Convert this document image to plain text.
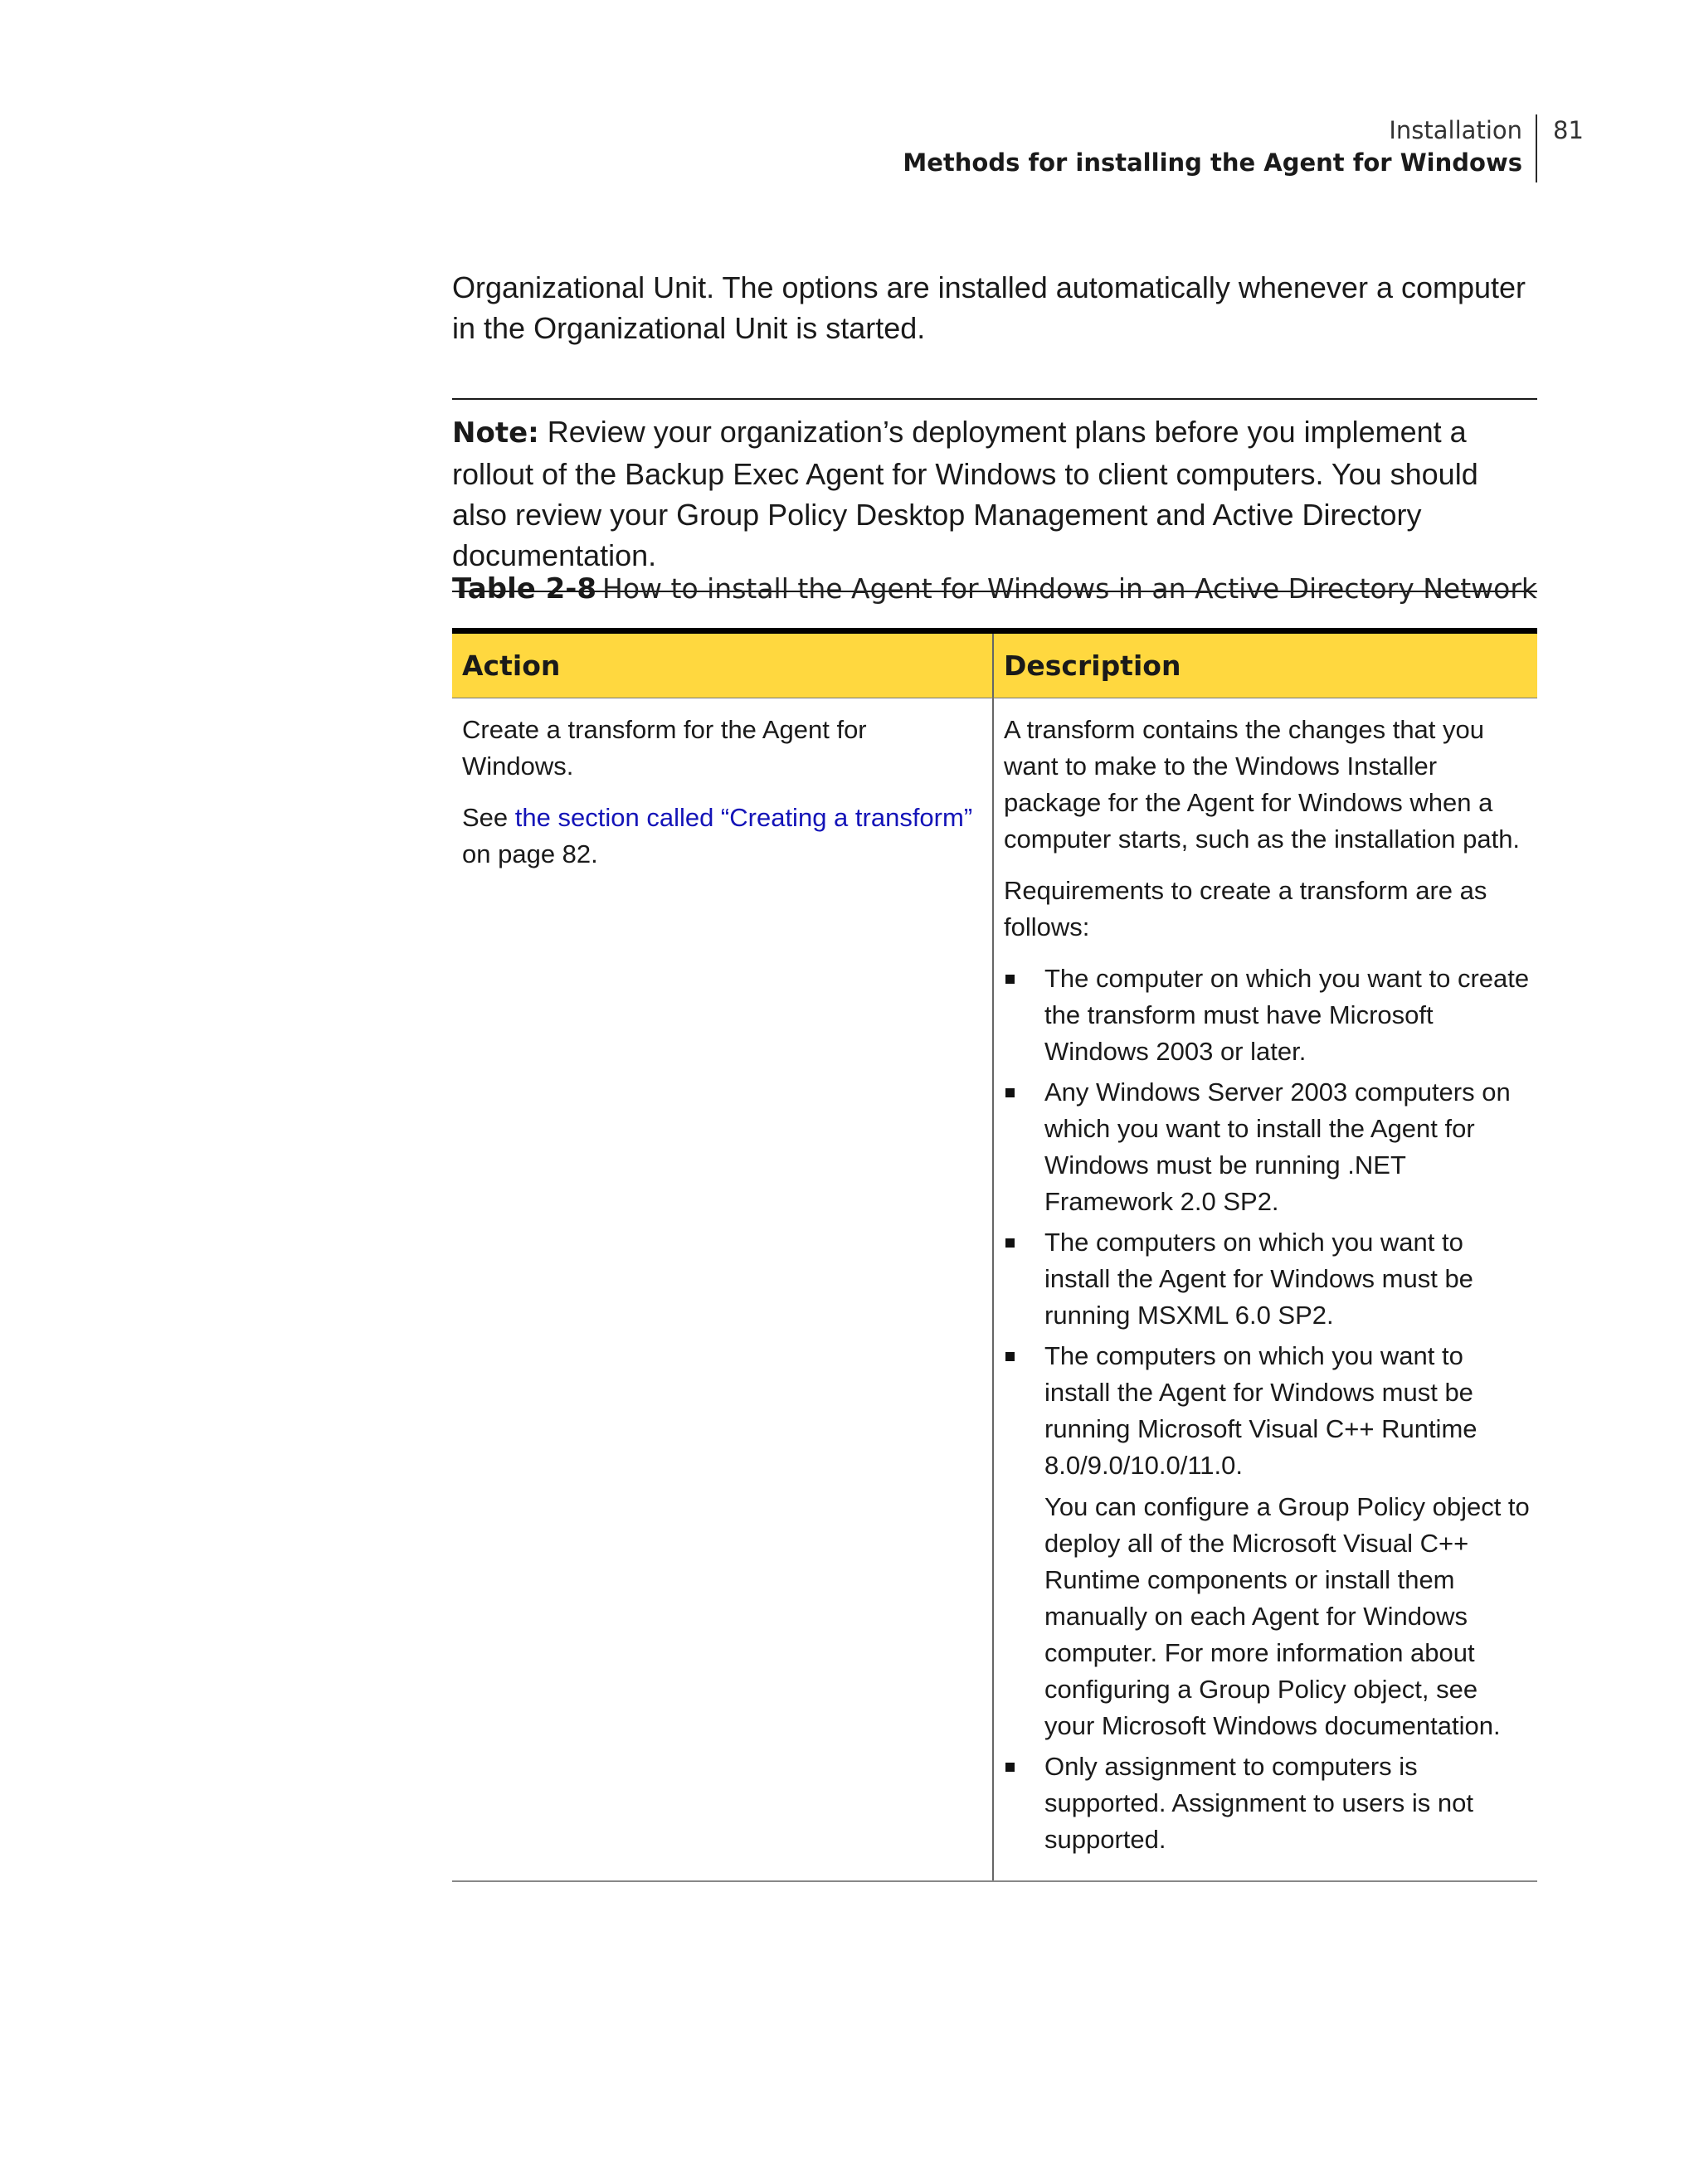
Installation
Methods for installing the Agent for Windows
81

Organizational Unit. The options are installed automatically whenever a computer in the Organizational Unit is started.

Note: Review your organization’s deployment plans before you implement a rollout of the Backup Exec Agent for Windows to client computers. You should also review your Group Policy Desktop Management and Active Directory documentation.
Table 2-8 How to install the Agent for Windows in an Active Directory Network
Action	Description

Create a transform for the Agent for Windows.

See the section called “Creating a transform” on page 82.

A transform contains the changes that you want to make to the Windows Installer package for the Agent for Windows when a computer starts, such as the installation path.

Requirements to create a transform are as follows:

The computer on which you want to create the transform must have Microsoft Windows 2003 or later.
Any Windows Server 2003 computers on which you want to install the Agent for Windows must be running .NET Framework 2.0 SP2.
The computers on which you want to install the Agent for Windows must be running MSXML 6.0 SP2.
The computers on which you want to install the Agent for Windows must be running Microsoft Visual C++ Runtime 8.0/9.0/10.0/11.0.
You can configure a Group Policy object to deploy all of the Microsoft Visual C++ Runtime components or install them manually on each Agent for Windows computer. For more information about configuring a Group Policy object, see your Microsoft Windows documentation.
Only assignment to computers is supported. Assignment to users is not supported.
